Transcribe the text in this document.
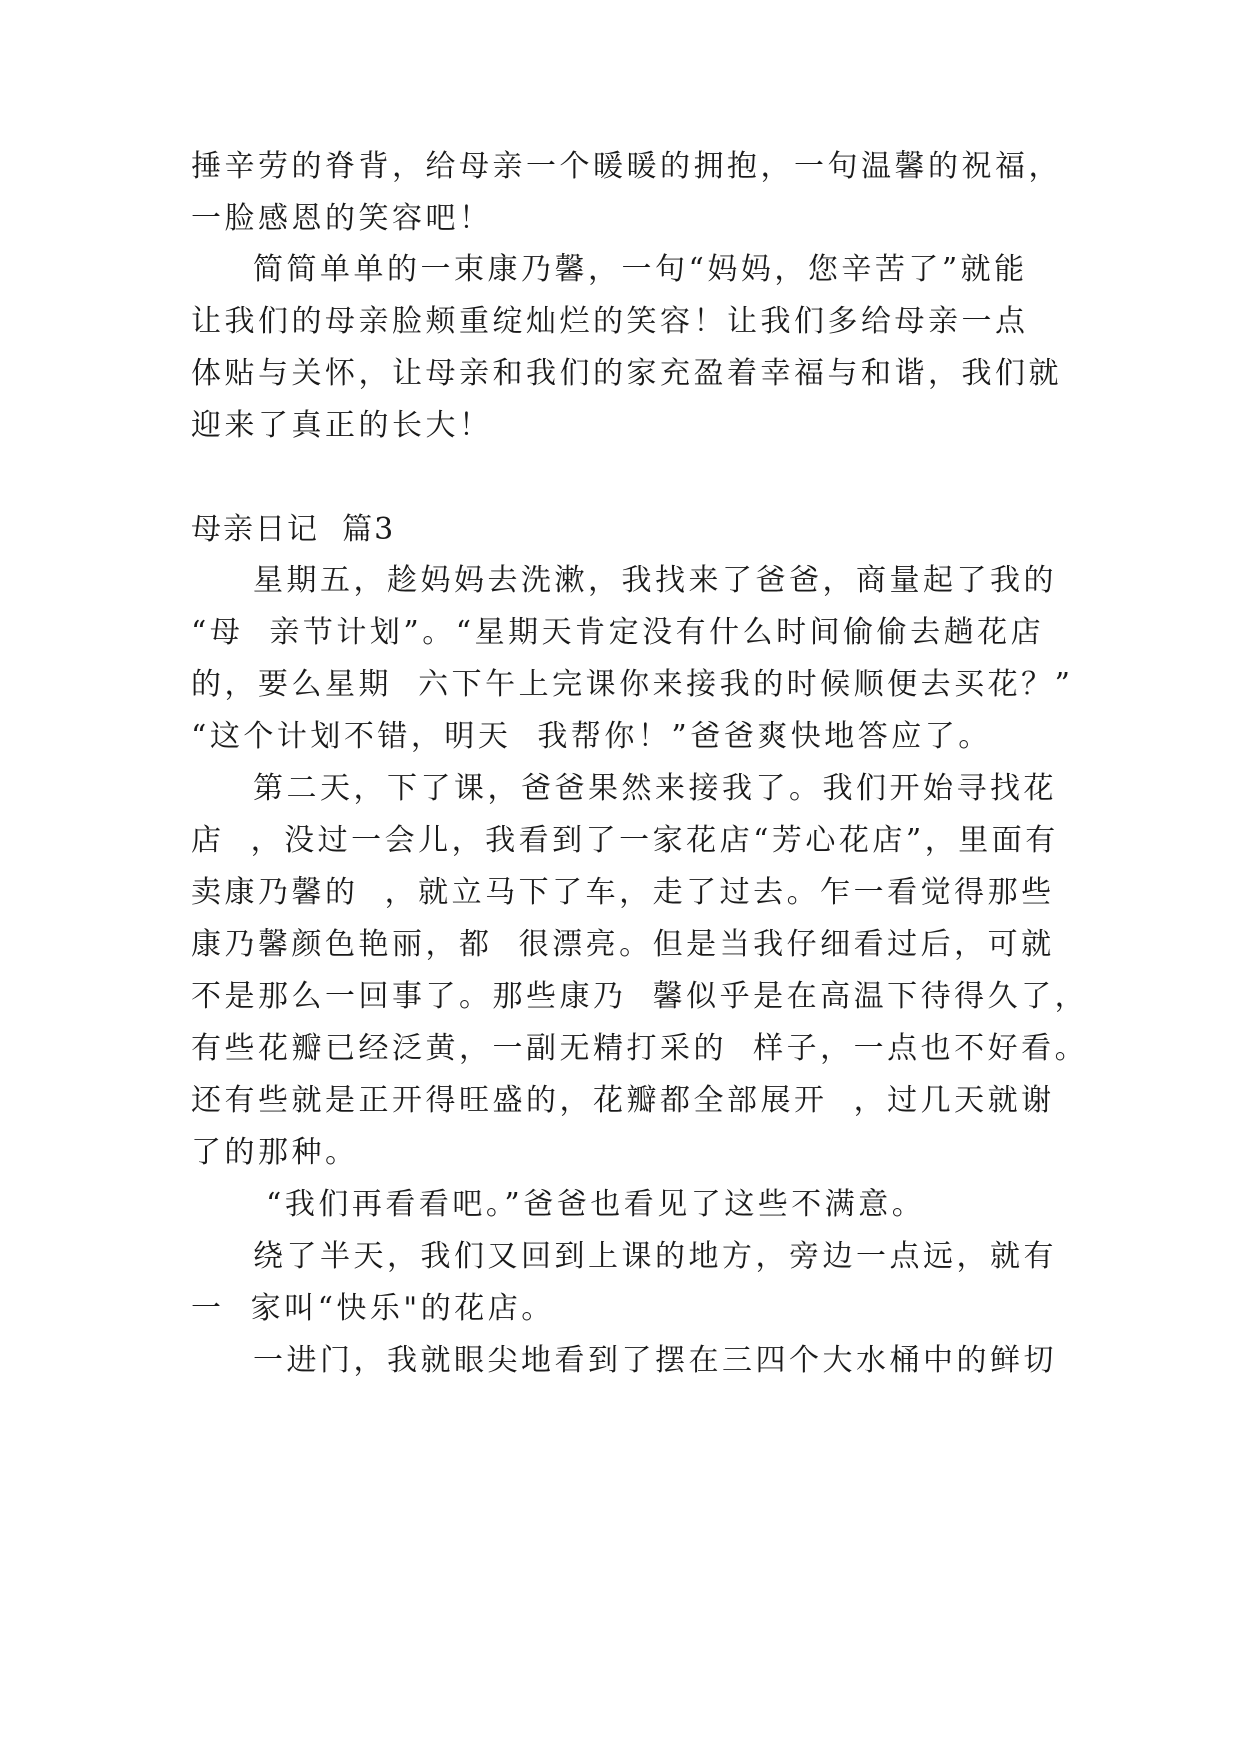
捶辛劳的脊背，给母亲一个暖暖的拥抱，一句温馨的祝福，
一脸感恩的笑容吧！
简简单单的一束康乃馨，一句“妈妈，您辛苦了”就能
让我们的母亲脸颊重绽灿烂的笑容！让我们多给母亲一点
体贴与关怀，让母亲和我们的家充盈着幸福与和谐，我们就
迎来了真正的长大！
母亲日记  篇3
星期五，趁妈妈去洗漱，我找来了爸爸，商量起了我的
“母  亲节计划”。“星期天肯定没有什么时间偷偷去趟花店
的，要么星期  六下午上完课你来接我的时候顺便去买花？”
“这个计划不错，明天  我帮你！”爸爸爽快地答应了。
第二天，下了课，爸爸果然来接我了。我们开始寻找花
店  ，没过一会儿，我看到了一家花店“芳心花店”，里面有
卖康乃馨的  ，就立马下了车，走了过去。乍一看觉得那些
康乃馨颜色艳丽，都  很漂亮。但是当我仔细看过后，可就
不是那么一回事了。那些康乃  馨似乎是在高温下待得久了，
有些花瓣已经泛黄，一副无精打采的  样子，一点也不好看。
还有些就是正开得旺盛的，花瓣都全部展开  ，过几天就谢
了的那种。
“我们再看看吧。”爸爸也看见了这些不满意。
绕了半天，我们又回到上课的地方，旁边一点远，就有
一  家叫“快乐"的花店。
一进门，我就眼尖地看到了摆在三四个大水桶中的鲜切
